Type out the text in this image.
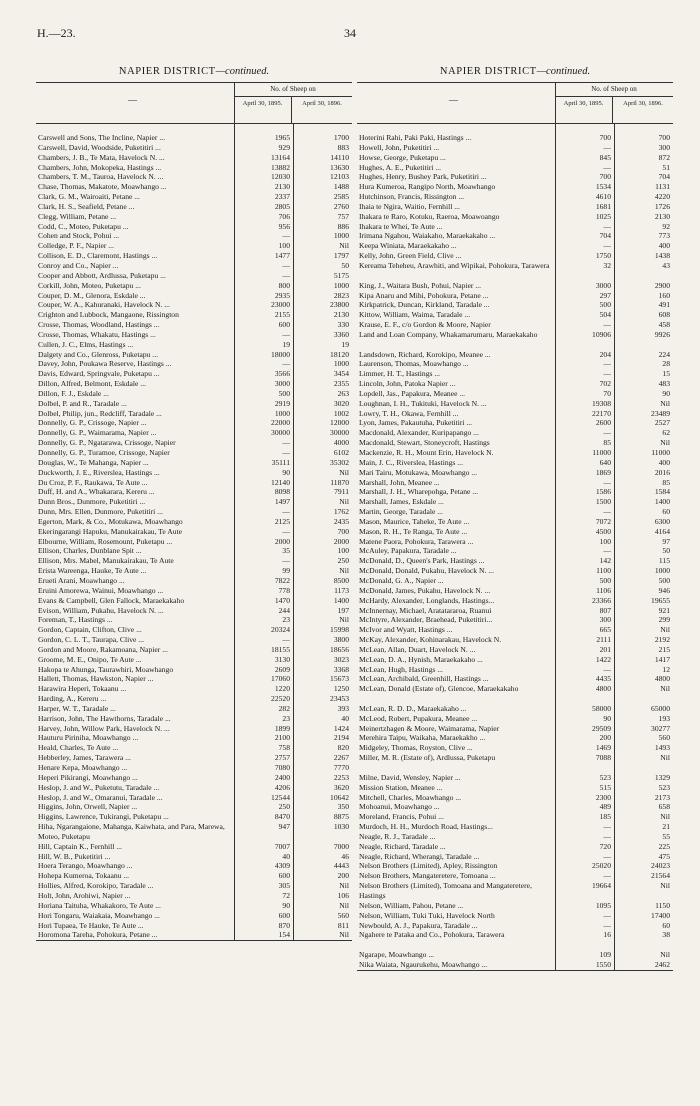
H.—23.	34
NAPIER DISTRICT—continued.
—
No. of Sheep on
April 30, 1895.	April 30, 1896.
Carswell and Sons, The Incline, Napier ...	1965	1700
Carswell, David, Woodside, Puketitiri ...	929	883
Chambers, J. B., Te Mata, Havelock N. ...	13164	14110
Chambers, John, Mokopeka, Hastings ...	13882	13630
Chambers, T. M., Tauroa, Havelock N. ...	12030	12103
Chase, Thomas, Makatote, Moawhango ...	2130	1488
Clark, G. M., Wairoaiti, Petane ...	2337	2585
Clark, H. S., Seafield, Petane ...	2805	2760
Clegg, William, Petane ...	706	757
Codd, C., Moteo, Puketapu ...	956	886
Cohen and Stock, Pohui ...	—	1000
Colledge, P. F., Napier ...	100	Nil
Collison, E. D., Claremont, Hastings ...	1477	1797
Conroy and Co., Napier ...	—	50
Cooper and Abbott, Ardlussa, Puketapu ...	—	5175
Corkill, John, Moteo, Puketapu ...	800	1000
Couper, D. M., Glenora, Eskdale ...	2935	2823
Couper, W. A., Kahuranaki, Havelock N. ...	23000	23800
Crighton and Lubbock, Mangaone, Rissington	2155	2130
Crosse, Thomas, Woodland, Hastings ...	600	330
Crosse, Thomas, Whakatu, Hastings ...	—	3360
Cullen, J. C., Elms, Hastings ...	19	19
Dalgety and Co., Glenross, Puketapu ...	18000	18120
Davey, John, Poukawa Reserve, Hastings ...	—	1000
Davis, Edward, Springvale, Puketapu ...	3566	3454
Dillon, Alfred, Belmont, Eskdale ...	3000	2355
Dillon, F. J., Eskdale ...	500	263
Dolbel, P. and R., Taradale ...	2919	3020
Dolbel, Philip, jun., Redcliff, Taradale ...	1000	1002
Donnelly, G. P., Crissoge, Napier ...	22000	12000
Donnelly, G. P., Waimarama, Napier ...	30000	30000
Donnelly, G. P., Ngatarawa, Crissoge, Napier	—	4000
Donnelly, G. P., Turamoe, Crissoge, Napier	—	6102
Douglas, W., Te Mahanga, Napier ...	35111	35302
Duckworth, J. E., Riverslea, Hastings ...	90	Nil
Du Croz, P. F., Raukawa, Te Aute ...	12140	11870
Duff, H. and A., Whakarara, Kereru ...	8098	7911
Dunn Bros., Dunmore, Puketitiri ...	1497	Nil
Dunn, Mrs. Ellen, Dunmore, Puketitiri ...	—	1762
Egerton, Mark, & Co., Motukawa, Moawhango	2125	2435
Ekeringarangi Hapuku, Manukairakau, Te Aute	—	700
Elbourne, William, Rosemount, Puketapu ...	2000	2000
Ellison, Charles, Dunblane Spit ...	35	100
Ellison, Mrs. Mabel, Manukairakau, Te Aute	—	250
Erista Wareenga, Hauke, Te Aute ...	99	Nil
Erueti Arani, Moawhango ...	7822	8500
Eruini Amorewa, Wainui, Moawhango ...	778	1173
Evans & Campbell, Glen Fallock, Maraekakaho	1470	1400
Evison, William, Pukahu, Havelock N. ...	244	197
Foreman, T., Hastings ...	23	Nil
Gordon, Captain, Clifton, Clive ...	20324	15998
Gordon, C. L. T., Taurapa, Clive ...	—	3800
Gordon and Moore, Rakamoana, Napier ...	18155	18656
Groome, M. E., Onipo, Te Aute ...	3130	3023
Hakopa te Ahunga, Taurawhiri, Moawhango	2609	3368
Hallett, Thomas, Hawkston, Napier ...	17060	15673
Harawira Heperi, Tokaanu ...	1220	1250
Harding, A., Kereru ...	22520	23453
Harper, W. T., Taradale ...	282	393
Harrison, John, The Hawthorns, Taradale ...	23	40
Harvey, John, Willow Park, Havelock N. ...	1899	1424
Hauturu Piriniha, Moawhango ...	2100	2194
Heald, Charles, Te Aute ...	758	820
Hebberley, James, Tarawera ...	2757	2267
Henare Kepa, Moawhango ...	7080	7770
Heperi Pikirangi, Moawhango ...	2400	2253
Heslop, J. and W., Puketutu, Taradale ...	4206	3620
Heslop, J. and W., Omaranui, Taradale ...	12544	10642
Higgins, John, Orwell, Napier ...	250	350
Higgins, Lawrence, Tukirangi, Puketapu ...	8470	8875
Hiha, Ngarangaione, Mahanga, Kaiwhata, and Para, Marewa, Moteo, Puketapu
947	1030
Hill, Captain K., Fernhill ...	7007	7000
Hill, W. B., Puketitiri ...	40	46
Hoera Terango, Moawhango ...	4309	4443
Hohepa Kumeroa, Tokaanu ...	600	200
Hollies, Alfred, Korokipo, Taradale ...	305	Nil
Holt, John, Arohiwi, Napier ...	72	106
Horiana Taituha, Whakakoro, Te Aute ...	90	Nil
Hori Tongaru, Waiakaia, Moawhango ...	600	560
Hori Tupaea, Te Hauke, Te Aute ...	870	811
Horomona Tareha, Pohokura, Petane ...	154	Nil
NAPIER DISTRICT—continued.
—
No. of Sheep on
April 30, 1895.	April 30, 1896.
Hoterini Rahi, Paki Paki, Hastings ...	700	700
Howell, John, Puketitiri ...	—	300
Howse, George, Puketapu ...	845	872
Hughes, A. E., Puketitiri ...	—	51
Hughes, Henry, Bushey Park, Puketitiri ...	700	704
Hura Kumeroa, Rangipo North, Moawhango	1534	1131
Hutchinson, Francis, Rissington ...	4610	4220
Ihaia te Ngira, Waitio, Fernhill ...	1681	1726
Ihakara te Raro, Kotuku, Raeroa, Moawoango	1025	2130
Ihakara te Whei, Te Aute ...	—	92
Irimana Ngahou, Waiakaho, Maraekakaho ...	704	773
Keepa Winiata, Maraekakaho ...	—	400
Kelly, John, Green Field, Clive ...	1750	1438
Kereama Teheheu, Arawhiti, and Wipikai, Pohokura, Tarawera	32	43
King, J., Waitara Bush, Pohui, Napier ...	3000	2900
Kipa Anaru and Mihi, Pohokura, Petane ...	297	160
Kirkpatrick, Duncan, Kirkland, Taradale ...	500	491
Kittow, William, Waima, Taradale ...	504	608
Krause, E. F., c/o Gordon & Moore, Napier	—	458
Land and Loan Company, Whakamarumaru, Maraekakaho	10906	9926
Landsdown, Richard, Korokipo, Meanee ...	204	224
Laurenson, Thomas, Moawhango ...	—	28
Limmer, H. T., Hastings ...	—	15
Lincoln, John, Patoka Napier ...	702	483
Lopdell, Jas., Papakura, Meanee ...	70	90
Loughnan, I. H., Tukituki, Havelock N. ...	19308	Nil
Lowry, T. H., Okawa, Fernhill ...	22170	23489
Lyon, James, Pakautuha, Puketitiri ...	2600	2527
Macdonald, Alexander, Kuripapango ...	—	62
Macdonald, Stewart, Stoneycroft, Hastings	85	Nil
Mackenzie, R. H., Mount Erin, Havelock N.	11000	11000
Main, J. C., Riverslea, Hastings ...	640	400
Mari Tairu, Motukawa, Moawhango ...	1869	2016
Marshall, John, Meanee ...	—	85
Marshall, J. H., Wharepohga, Petane ...	1586	1584
Marshall, James, Eskdale ...	1500	1400
Martin, George, Taradale ...	—	60
Mason, Maurice, Taheke, Te Aute ...	7072	6300
Mason, R. H., Te Ranga, Te Aute ...	4500	4164
Matene Paora, Pohokura, Tarawera ...	100	97
McAuley, Papakura, Taradale ...	—	50
McDonald, D., Queen's Park, Hastings ...	142	115
McDonald, Donald, Pukahu, Havelock N. ...	1100	1000
McDonald, G. A., Napier ...	500	500
McDonald, James, Pukahu, Havelock N. ...	1106	946
McHardy, Alexander, Longlands, Hastings...	23366	19655
McInnernay, Michael, Aratatararoa, Ruanui	807	921
McIntyre, Alexander, Braehead, Puketitiri...	300	299
McIvor and Wyatt, Hastings ...	665	Nil
McKay, Alexander, Kohinarakau, Havelock N.	2111	2192
McLean, Allan, Duart, Havelock N. ...	201	215
McLean, D. A., Hynish, Maraekakaho ...	1422	1417
McLean, Hugh, Hastings ...	—	12
McLean, Archibald, Greenhill, Hastings ...	4435	4800
McLean, Donald (Estate of), Glencoe, Maraekakaho	4800	Nil
McLean, R. D. D., Maraekakaho ...	58000	65000
McLeod, Robert, Pupakura, Meanee ...	90	193
Meinertzhagen & Moore, Waimarama, Napier	29509	30277
Merehira Taipu, Waikaha, Maraekakho ...	200	560
Midgeley, Thomas, Royston, Clive ...	1469	1493
Miller, M. R. (Estate of), Ardlussa, Puketapu	7088	Nil
Milne, David, Wensley, Napier ...	523	1329
Mission Station, Meanee ...	515	523
Mitchell, Charles, Moawhango ...	2300	2173
Mohoanui, Moawhango ...	489	658
Moreland, Francis, Pohui ...	185	Nil
Murdoch, H. H., Murdoch Road, Hastings...	—	21
Neagle, R. J., Taradale ...	—	55
Neagle, Richard, Taradale ...	720	225
Neagle, Richard, Wherangi, Taradale ...	—	475
Nelson Brothers (Limited), Apley, Rissington	25020	24023
Nelson Brothers, Mangateretere, Tomoana ...	—	21564
Nelson Brothers (Limited), Tomoana and Mangateretere, Hastings
19664	Nil
Nelson, William, Pahou, Petane ...	1095	1150
Nelson, William, Tuki Tuki, Havelock North	—	17400
Newbould, A. J., Papakura, Taradale ...	—	60
Ngahere te Pataka and Co., Pohokura, Tarawera	16	38
Ngarape, Moawhango ...	109	Nil
Nika Waiata, Ngaurukehu, Moawhango ...	1550	2462
